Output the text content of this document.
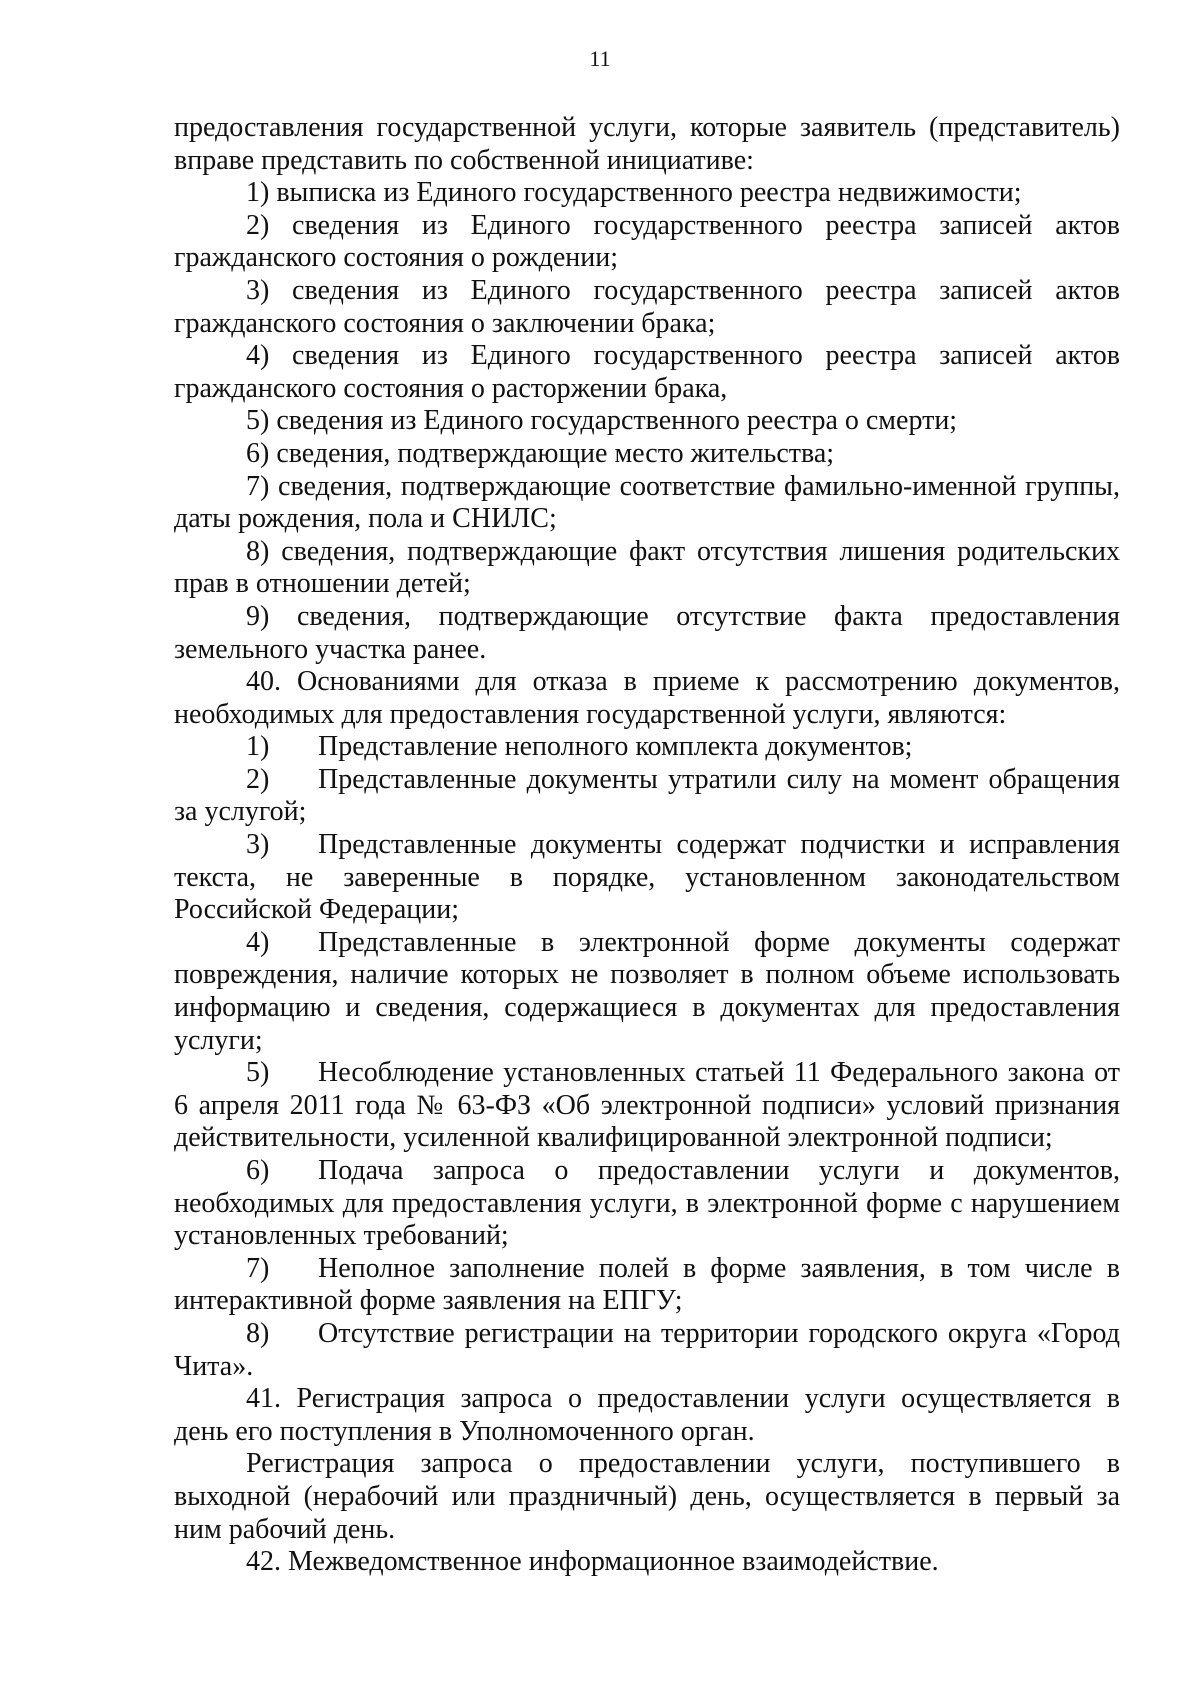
11

предоставления государственной услуги, которые заявитель (представитель) вправе представить по собственной инициативе:

1) выписка из Единого государственного реестра недвижимости;

2) сведения из Единого государственного реестра записей актов гражданского состояния о рождении;

3) сведения из Единого государственного реестра записей актов гражданского состояния о заключении брака;

4) сведения из Единого государственного реестра записей актов гражданского состояния о расторжении брака,

5) сведения из Единого государственного реестра о смерти;

6) сведения, подтверждающие место жительства;

7) сведения, подтверждающие соответствие фамильно-именной группы, даты рождения, пола и СНИЛС;

8) сведения, подтверждающие факт отсутствия лишения родительских прав в отношении детей;

9) сведения, подтверждающие отсутствие факта предоставления земельного участка ранее.

40. Основаниями для отказа в приеме к рассмотрению документов, необходимых для предоставления государственной услуги, являются:

1) Представление неполного комплекта документов;

2) Представленные документы утратили силу на момент обращения за услугой;

3) Представленные документы содержат подчистки и исправления текста, не заверенные в порядке, установленном законодательством Российской Федерации;

4) Представленные в электронной форме документы содержат повреждения, наличие которых не позволяет в полном объеме использовать информацию и сведения, содержащиеся в документах для предоставления услуги;

5) Несоблюдение установленных статьей 11 Федерального закона от 6 апреля 2011 года № 63-ФЗ «Об электронной подписи» условий признания действительности, усиленной квалифицированной электронной подписи;

6) Подача запроса о предоставлении услуги и документов, необходимых для предоставления услуги, в электронной форме с нарушением установленных требований;

7) Неполное заполнение полей в форме заявления, в том числе в интерактивной форме заявления на ЕПГУ;

8) Отсутствие регистрации на территории городского округа «Город Чита».

41. Регистрация запроса о предоставлении услуги осуществляется в день его поступления в Уполномоченного орган.

Регистрация запроса о предоставлении услуги, поступившего в выходной (нерабочий или праздничный) день, осуществляется в первый за ним рабочий день.

42. Межведомственное информационное взаимодействие.
